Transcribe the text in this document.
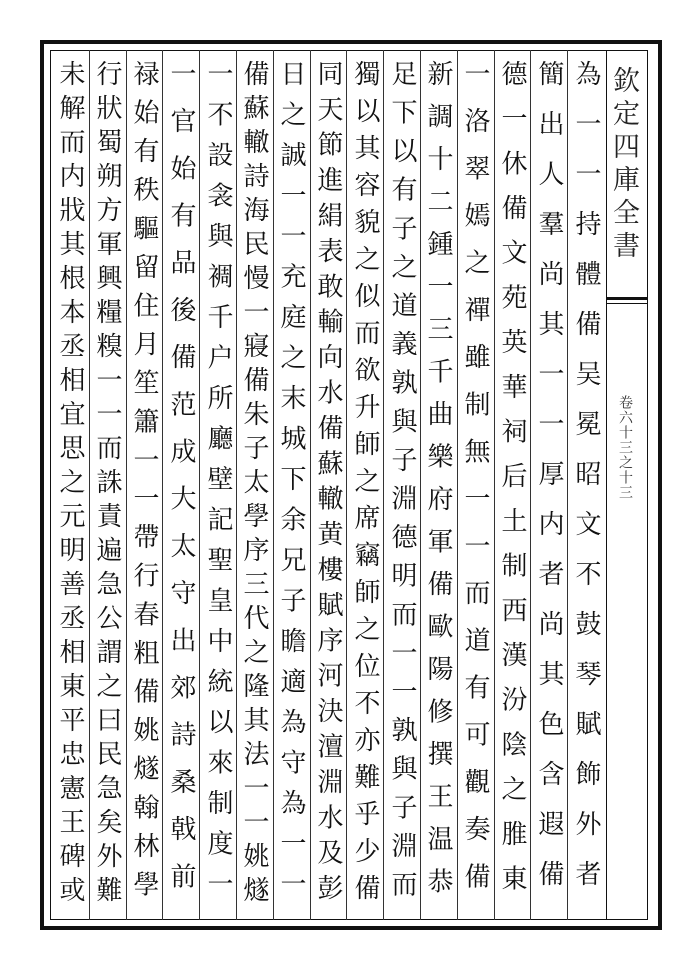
欽定四庫全書
卷六十三之十三
為一一持體備吴冕昭文不鼓琴賦飾外者
簡出人羣尚其一一厚内者尚其色含遐備
德一休備文苑英華祠后土制西漢汾陰之脽東
一洛翠嫣之禪雖制無一一而道有可觀奏備
新調十二鍾一三千曲樂府軍備歐陽修撰王温恭
足下以有子之道義孰與子淵德明而一一孰與子淵而
獨以其容貌之似而欲升師之席竊師之位不亦難乎少備
同天節進絹表敢輸向水備蘇轍黄樓賦序河決澶淵水及彭
日之誠一一充庭之末城下余兄子瞻適為守為一一
備蘇轍詩海民慢一寢備朱子太學序三代之隆其法一一姚燧
一不設衾與裯千户所廳壁記聖皇中統以來制度一
一官始有品後備范成大太守出郊詩桑戟前
禄始有秩驅留住月笙簫一一帶行春粗備姚燧翰林學
行狀蜀朔方軍興糧糗一一而誅責遍急公謂之曰民急矣外難
未解而内戕其根本丞相宜思之元明善丞相東平忠憲王碑或
